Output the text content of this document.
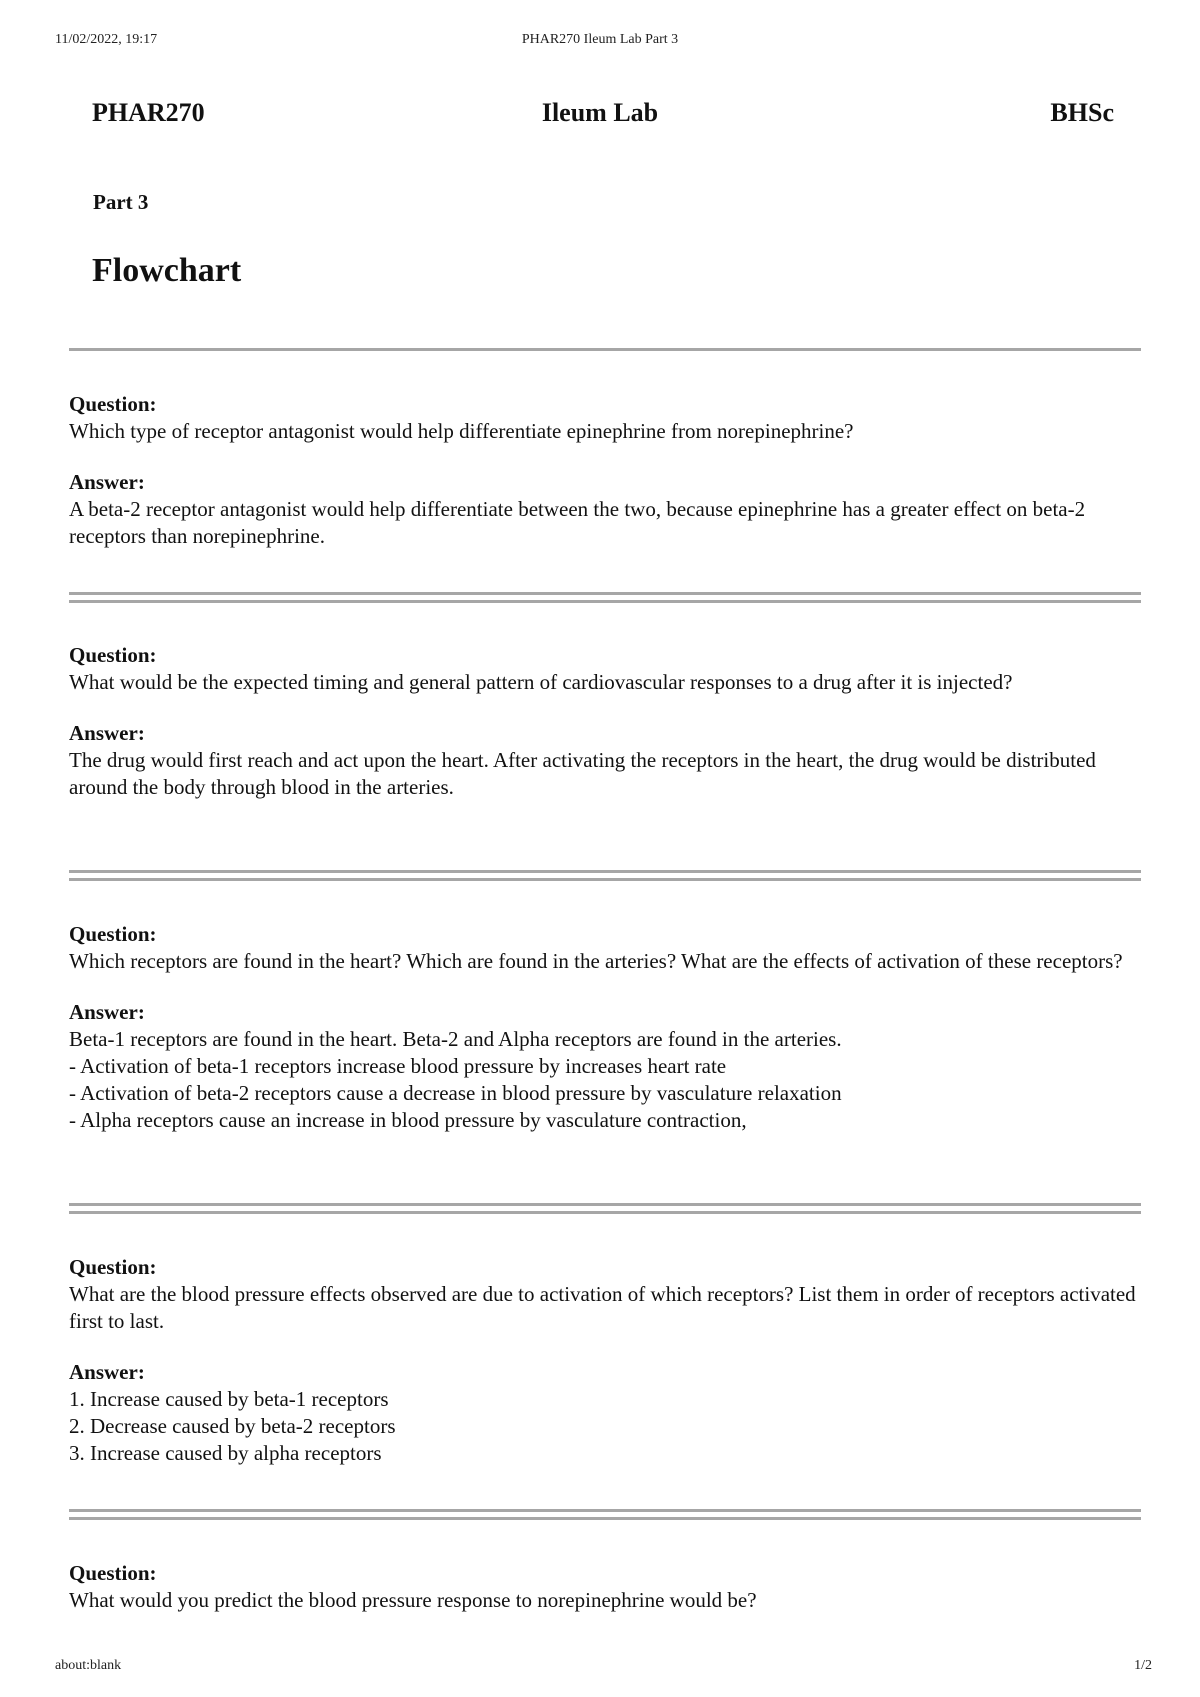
11/02/2022, 19:17	PHAR270 Ileum Lab Part 3
PHAR270	Ileum Lab	BHSc
Part 3
Flowchart
Question:
Which type of receptor antagonist would help differentiate epinephrine from norepinephrine?
Answer:
A beta-2 receptor antagonist would help differentiate between the two, because epinephrine has a greater effect on beta-2 receptors than norepinephrine.
Question:
What would be the expected timing and general pattern of cardiovascular responses to a drug after it is injected?
Answer:
The drug would first reach and act upon the heart. After activating the receptors in the heart, the drug would be distributed around the body through blood in the arteries.
Question:
Which receptors are found in the heart? Which are found in the arteries? What are the effects of activation of these receptors?
Answer:
Beta-1 receptors are found in the heart. Beta-2 and Alpha receptors are found in the arteries.
- Activation of beta-1 receptors increase blood pressure by increases heart rate
- Activation of beta-2 receptors cause a decrease in blood pressure by vasculature relaxation
- Alpha receptors cause an increase in blood pressure by vasculature contraction,
Question:
What are the blood pressure effects observed are due to activation of which receptors? List them in order of receptors activated first to last.
Answer:
1. Increase caused by beta-1 receptors
2. Decrease caused by beta-2 receptors
3. Increase caused by alpha receptors
Question:
What would you predict the blood pressure response to norepinephrine would be?
about:blank	1/2
